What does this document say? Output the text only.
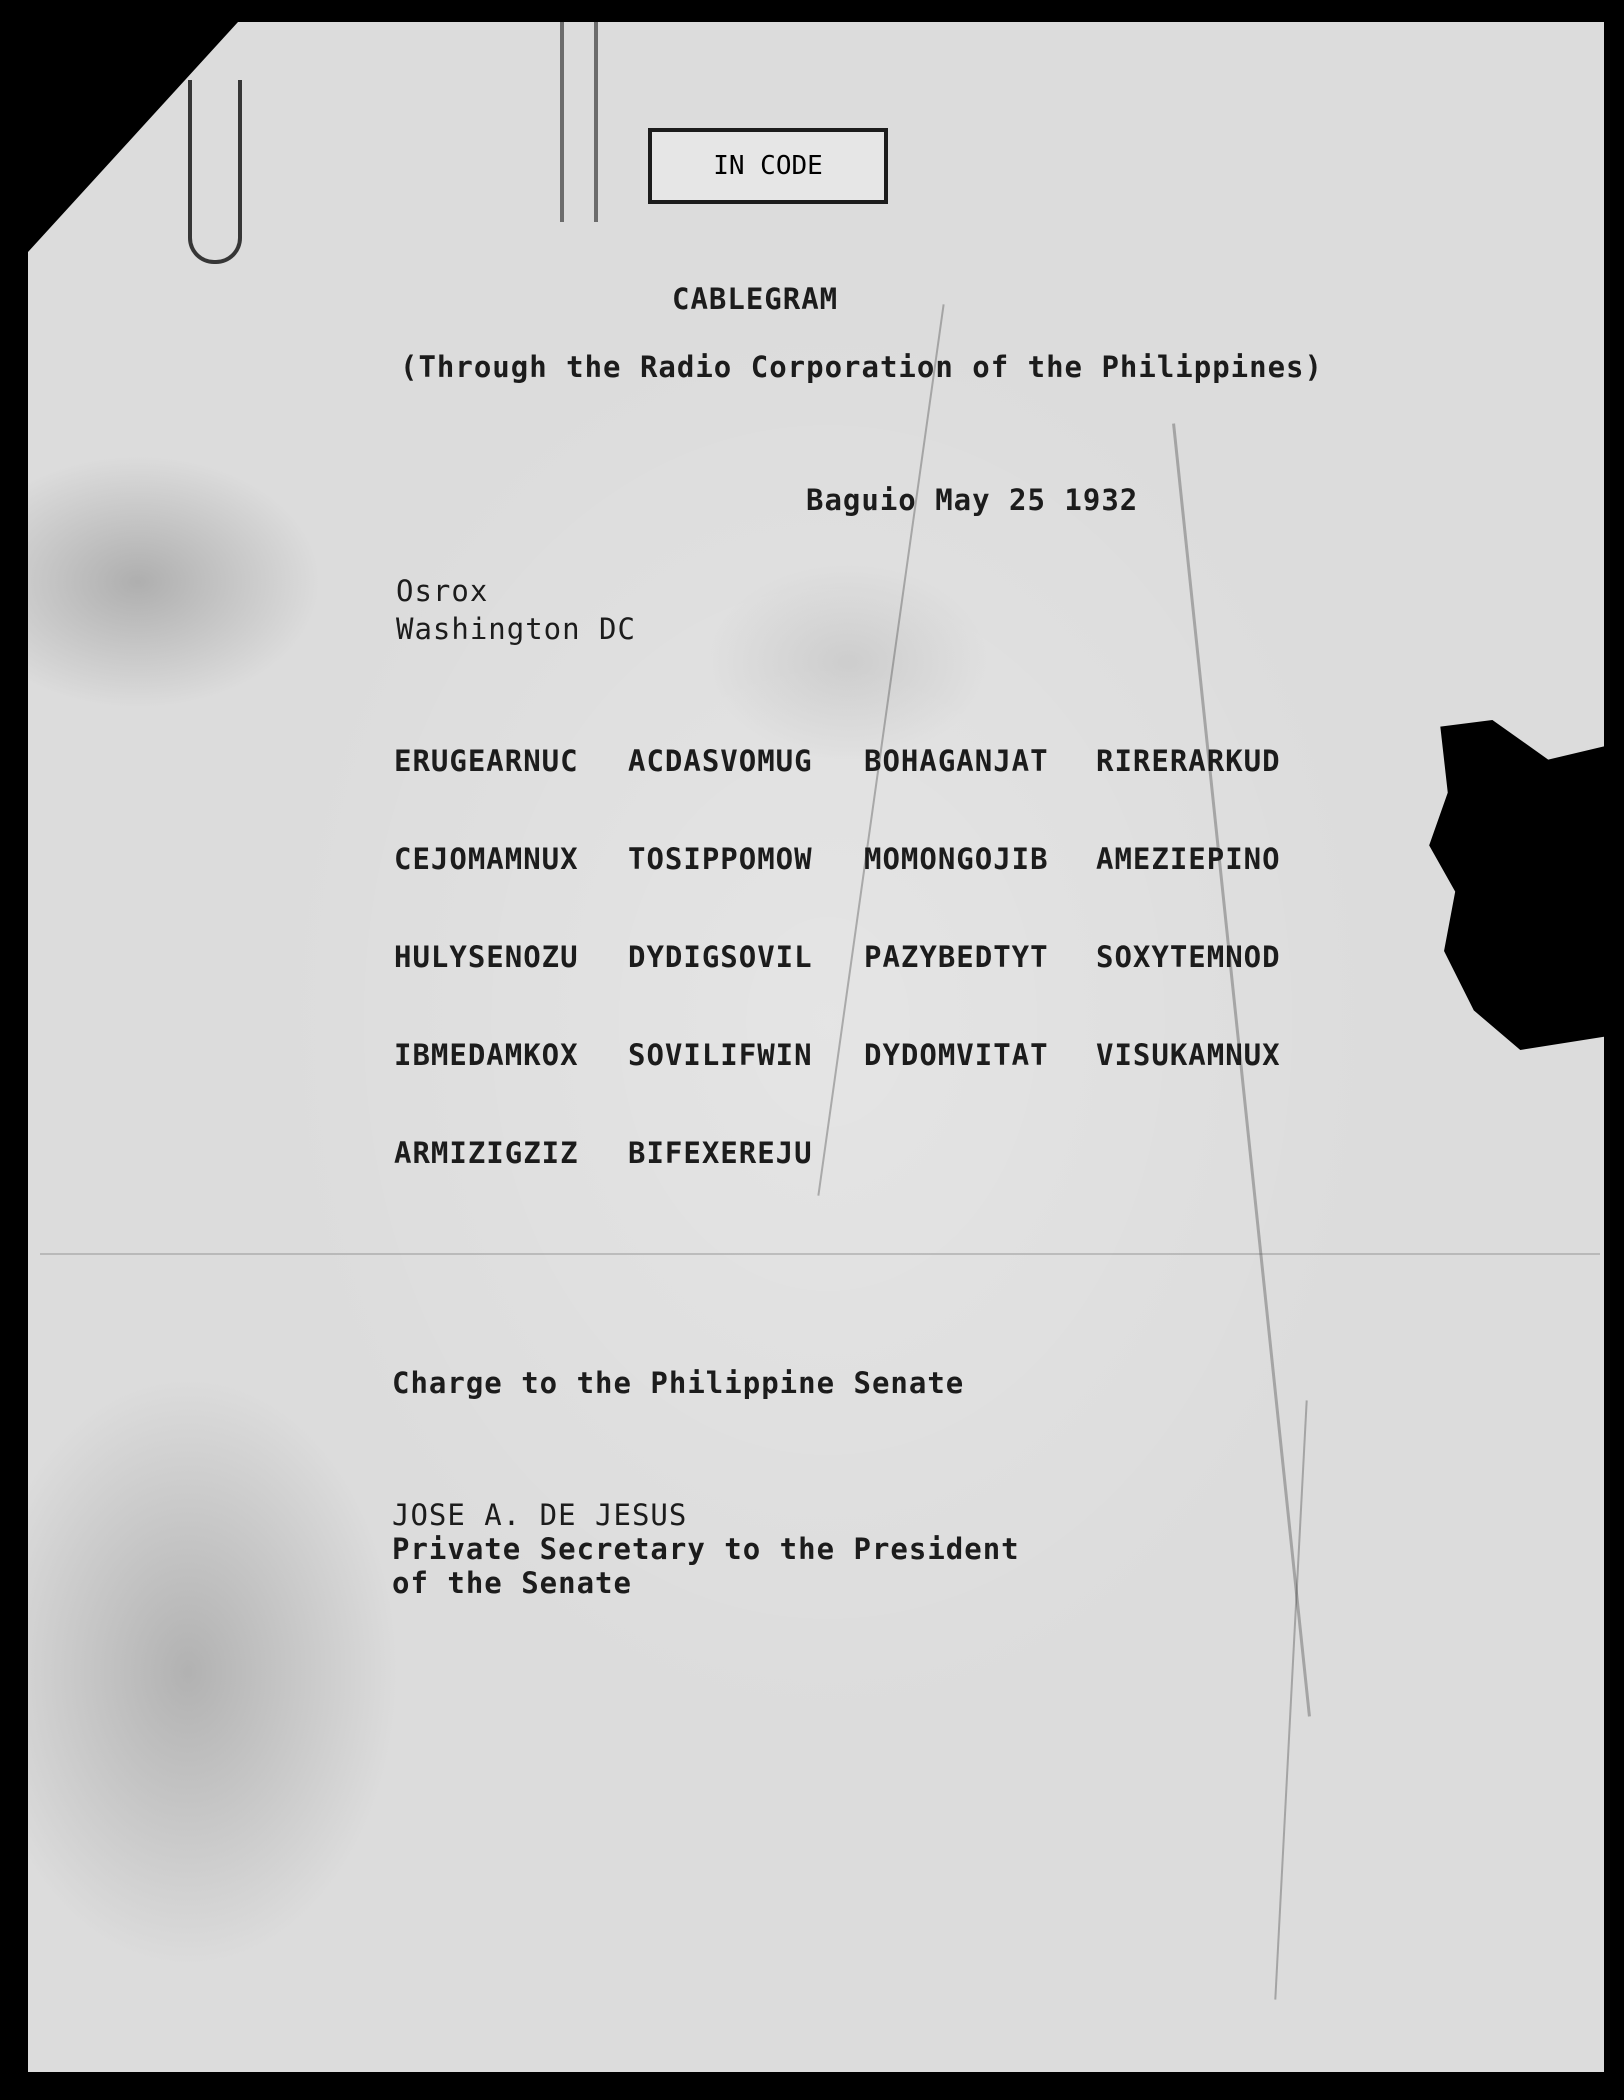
IN CODE
CABLEGRAM
(Through the Radio Corporation of the Philippines)
Baguio May 25 1932
Osrox
Washington DC
ERUGEARNUC ACDASVOMUG BOHAGANJAT RIRERARKUD
CEJOMAMNUX TOSIPPOMOW MOMONGOJIB AMEZIEPINO
HULYSENOZU DYDIGSOVIL PAZYBEDTYT SOXYTEMNOD
IBMEDAMKOX SOVILIFWIN DYDOMVITAT VISUKAMNUX
ARMIZIGZIZ BIFEXEREJU
Charge to the Philippine Senate
JOSE A. DE JESUS
Private Secretary to the President
of the Senate
